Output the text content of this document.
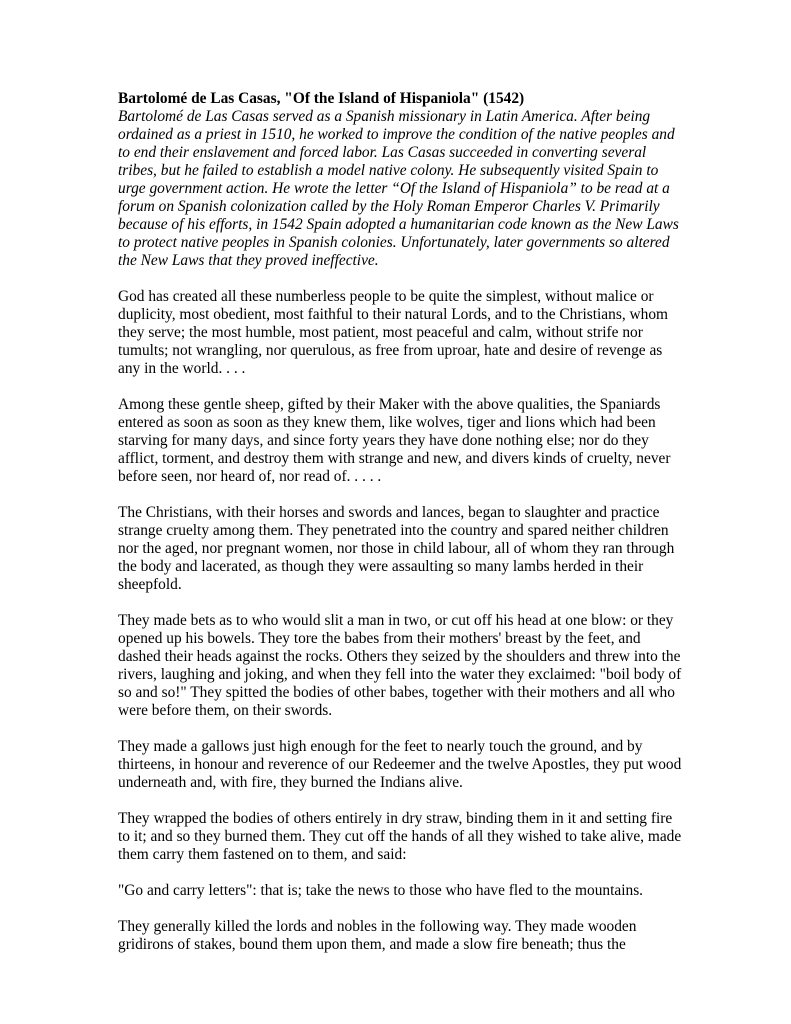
Bartolomé de Las Casas, "Of the Island of Hispaniola" (1542)

Bartolomé de Las Casas served as a Spanish missionary in Latin America. After being ordained as a priest in 1510, he worked to improve the condition of the native peoples and to end their enslavement and forced labor. Las Casas succeeded in converting several tribes, but he failed to establish a model native colony. He subsequently visited Spain to urge government action. He wrote the letter “Of the Island of Hispaniola” to be read at a forum on Spanish colonization called by the Holy Roman Emperor Charles V. Primarily because of his efforts, in 1542 Spain adopted a humanitarian code known as the New Laws to protect native peoples in Spanish colonies. Unfortunately, later governments so altered the New Laws that they proved ineffective.

God has created all these numberless people to be quite the simplest, without malice or duplicity, most obedient, most faithful to their natural Lords, and to the Christians, whom they serve; the most humble, most patient, most peaceful and calm, without strife nor tumults; not wrangling, nor querulous, as free from uproar, hate and desire of revenge as any in the world. . . .

Among these gentle sheep, gifted by their Maker with the above qualities, the Spaniards entered as soon as soon as they knew them, like wolves, tiger and lions which had been starving for many days, and since forty years they have done nothing else; nor do they afflict, torment, and destroy them with strange and new, and divers kinds of cruelty, never before seen, nor heard of, nor read of. . . . .

The Christians, with their horses and swords and lances, began to slaughter and practice strange cruelty among them. They penetrated into the country and spared neither children nor the aged, nor pregnant women, nor those in child labour, all of whom they ran through the body and lacerated, as though they were assaulting so many lambs herded in their sheepfold.

They made bets as to who would slit a man in two, or cut off his head at one blow: or they opened up his bowels. They tore the babes from their mothers' breast by the feet, and dashed their heads against the rocks. Others they seized by the shoulders and threw into the rivers, laughing and joking, and when they fell into the water they exclaimed: "boil body of so and so!" They spitted the bodies of other babes, together with their mothers and all who were before them, on their swords.

They made a gallows just high enough for the feet to nearly touch the ground, and by thirteens, in honour and reverence of our Redeemer and the twelve Apostles, they put wood underneath and, with fire, they burned the Indians alive.

They wrapped the bodies of others entirely in dry straw, binding them in it and setting fire to it; and so they burned them. They cut off the hands of all they wished to take alive, made them carry them fastened on to them, and said:

"Go and carry letters": that is; take the news to those who have fled to the mountains.

They generally killed the lords and nobles in the following way. They made wooden gridirons of stakes, bound them upon them, and made a slow fire beneath; thus the
